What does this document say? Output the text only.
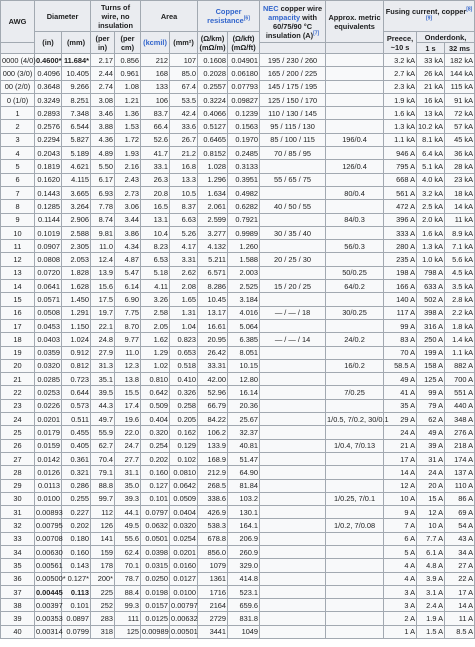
AWG	Diameter		Turns of wire, no insulation		Area		Copper resistance[6]		NEC copper wire ampacity with 60/75/90 °C insulation (A)[7]	Approx. metric equivalents	Fusing current, copper[8][9]
	(in)	(mm)	(per in)	(per cm)	(kcmil)	(mm²)	(Ω/km) (mΩ/m)	(Ω/kft) (mΩ/ft)			Preece, ~10 s	Onderdonk,	
												1 s	32 ms
0000 (4/0)	0.4600*	11.684*	2.17	0.856	212	107	0.1608	0.04901	195 / 230 / 260		3.2 kA	33 kA	182 kA
000 (3/0)	0.4096	10.405	2.44	0.961	168	85.0	0.2028	0.06180	165 / 200 / 225		2.7 kA	26 kA	144 kA
00 (2/0)	0.3648	9.266	2.74	1.08	133	67.4	0.2557	0.07793	145 / 175 / 195		2.3 kA	21 kA	115 kA
0 (1/0)	0.3249	8.251	3.08	1.21	106	53.5	0.3224	0.09827	125 / 150 / 170		1.9 kA	16 kA	91 kA
1	0.2893	7.348	3.46	1.36	83.7	42.4	0.4066	0.1239	110 / 130 / 145		1.6 kA	13 kA	72 kA
2	0.2576	6.544	3.88	1.53	66.4	33.6	0.5127	0.1563	95 / 115 / 130		1.3 kA	10.2 kA	57 kA
3	0.2294	5.827	4.36	1.72	52.6	26.7	0.6465	0.1970	85 / 100 / 115	196/0.4	1.1 kA	8.1 kA	45 kA
4	0.2043	5.189	4.89	1.93	41.7	21.2	0.8152	0.2485	70 / 85 / 95		946 A	6.4 kA	36 kA
5	0.1819	4.621	5.50	2.16	33.1	16.8	1.028	0.3133		126/0.4	795 A	5.1 kA	28 kA
6	0.1620	4.115	6.17	2.43	26.3	13.3	1.296	0.3951	55 / 65 / 75		668 A	4.0 kA	23 kA
7	0.1443	3.665	6.93	2.73	20.8	10.5	1.634	0.4982		80/0.4	561 A	3.2 kA	18 kA
8	0.1285	3.264	7.78	3.06	16.5	8.37	2.061	0.6282	40 / 50 / 55		472 A	2.5 kA	14 kA
9	0.1144	2.906	8.74	3.44	13.1	6.63	2.599	0.7921		84/0.3	396 A	2.0 kA	11 kA
10	0.1019	2.588	9.81	3.86	10.4	5.26	3.277	0.9989	30 / 35 / 40		333 A	1.6 kA	8.9 kA
11	0.0907	2.305	11.0	4.34	8.23	4.17	4.132	1.260		56/0.3	280 A	1.3 kA	7.1 kA
12	0.0808	2.053	12.4	4.87	6.53	3.31	5.211	1.588	20 / 25 / 30		235 A	1.0 kA	5.6 kA
13	0.0720	1.828	13.9	5.47	5.18	2.62	6.571	2.003		50/0.25	198 A	798 A	4.5 kA
14	0.0641	1.628	15.6	6.14	4.11	2.08	8.286	2.525	15 / 20 / 25	64/0.2	166 A	633 A	3.5 kA
15	0.0571	1.450	17.5	6.90	3.26	1.65	10.45	3.184			140 A	502 A	2.8 kA
16	0.0508	1.291	19.7	7.75	2.58	1.31	13.17	4.016	— / — / 18	30/0.25	117 A	398 A	2.2 kA
17	0.0453	1.150	22.1	8.70	2.05	1.04	16.61	5.064			99 A	316 A	1.8 kA
18	0.0403	1.024	24.8	9.77	1.62	0.823	20.95	6.385	— / — / 14	24/0.2	83 A	250 A	1.4 kA
19	0.0359	0.912	27.9	11.0	1.29	0.653	26.42	8.051			70 A	199 A	1.1 kA
20	0.0320	0.812	31.3	12.3	1.02	0.518	33.31	10.15		16/0.2	58.5 A	158 A	882 A
21	0.0285	0.723	35.1	13.8	0.810	0.410	42.00	12.80			49 A	125 A	700 A
22	0.0253	0.644	39.5	15.5	0.642	0.326	52.96	16.14		7/0.25	41 A	99 A	551 A
23	0.0226	0.573	44.3	17.4	0.509	0.258	66.79	20.36			35 A	79 A	440 A
24	0.0201	0.511	49.7	19.6	0.404	0.205	84.22	25.67		1/0.5, 7/0.2, 30/0.1	29 A	62 A	348 A
25	0.0179	0.455	55.9	22.0	0.320	0.162	106.2	32.37			24 A	49 A	276 A
26	0.0159	0.405	62.7	24.7	0.254	0.129	133.9	40.81		1/0.4, 7/0.13	21 A	39 A	218 A
27	0.0142	0.361	70.4	27.7	0.202	0.102	168.9	51.47			17 A	31 A	174 A
28	0.0126	0.321	79.1	31.1	0.160	0.0810	212.9	64.90			14 A	24 A	137 A
29	0.0113	0.286	88.8	35.0	0.127	0.0642	268.5	81.84			12 A	20 A	110 A
30	0.0100	0.255	99.7	39.3	0.101	0.0509	338.6	103.2		1/0.25, 7/0.1	10 A	15 A	86 A
31	0.00893	0.227	112	44.1	0.0797	0.0404	426.9	130.1			9 A	12 A	69 A
32	0.00795	0.202	126	49.5	0.0632	0.0320	538.3	164.1		1/0.2, 7/0.08	7 A	10 A	54 A
33	0.00708	0.180	141	55.6	0.0501	0.0254	678.8	206.9			6 A	7.7 A	43 A
34	0.00630	0.160	159	62.4	0.0398	0.0201	856.0	260.9			5 A	6.1 A	34 A
35	0.00561	0.143	178	70.1	0.0315	0.0160	1079	329.0			4 A	4.8 A	27 A
36	0.00500*	0.127*	200*	78.7	0.0250	0.0127	1361	414.8			4 A	3.9 A	22 A
37	0.00445	0.113	225	88.4	0.0198	0.0100	1716	523.1			3 A	3.1 A	17 A
38	0.00397	0.101	252	99.3	0.0157	0.00797	2164	659.6			3 A	2.4 A	14 A
39	0.00353	0.0897	283	111	0.0125	0.00632	2729	831.8			2 A	1.9 A	11 A
40	0.00314	0.0799	318	125	0.00989	0.00501	3441	1049			1 A	1.5 A	8.5 A
